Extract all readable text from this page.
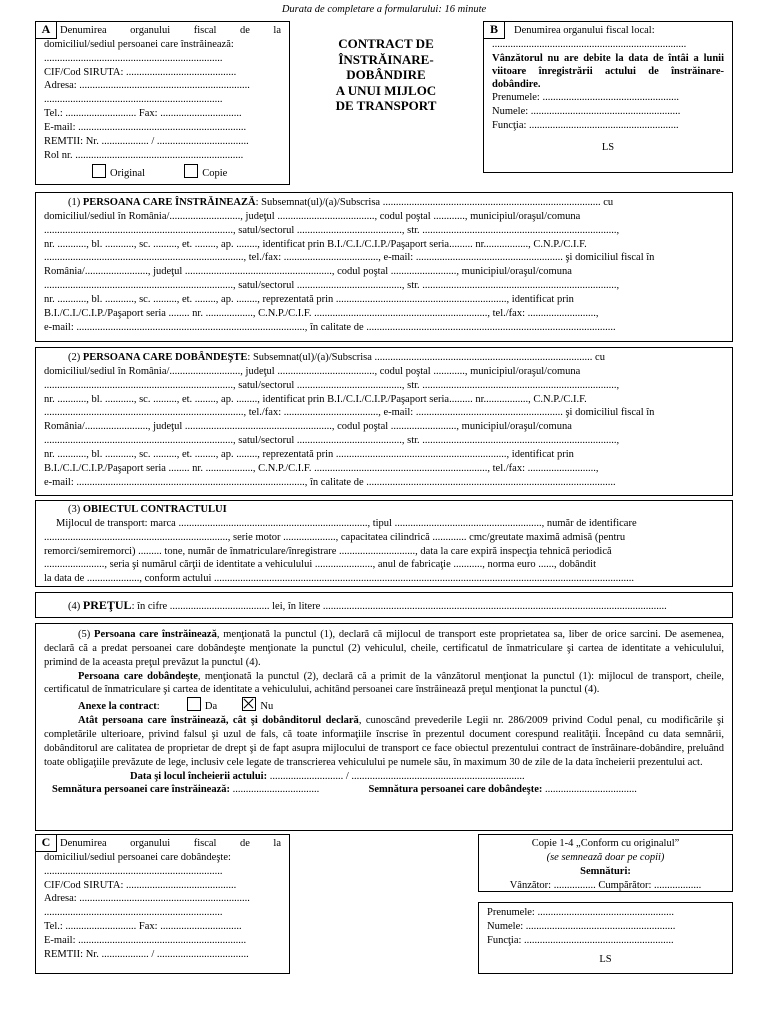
Durata de completare a formularului: 16 minute
A Denumirea organului fiscal de la
domiciliul/sediul persoanei care înstrăinează:
....................................................................
CIF/Cod SIRUTA: ..........................................
Adresa: .................................................................
....................................................................
Tel.: ........................... Fax: ...............................
E-mail: ................................................................
REMTII: Nr. .................. / ...................................
Rol nr. ................................................................
Original	Copie
CONTRACT DE
ÎNSTRĂINARE-
DOBÂNDIRE
A UNUI MIJLOC
DE TRANSPORT
B	Denumirea organului fiscal local:
..........................................................................
Vânzătorul nu are debite la data de întâi a lunii viitoare înregistrării actului de înstrăinare-dobândire.
Prenumele: ....................................................
Numele: .........................................................
Funcţia: .........................................................
LS
(1) PERSOANA CARE ÎNSTRĂINEAZĂ: Subsemnat(ul)/(a)/Subscrisa ................................................................................... cu
domiciliul/sediul în România/..........................., judeţul ....................................., codul poştal ............, municipiul/oraşul/comuna
........................................................................, satul/sectorul ........................................, str. ..........................................................................,
nr. ..........., bl. ..........., sc. ........., et. ........, ap. ........, identificat prin B.I./C.I./C.I.P./Paşaport seria......... nr................., C.N.P./C.I.F.
............................................................................, tel./fax: ...................................., e-mail: ........................................................ şi domiciliul fiscal în
România/........................, judeţul ........................................................, codul poştal ........................., municipiul/oraşul/comuna
........................................................................, satul/sectorul ........................................, str. ..........................................................................,
nr. ..........., bl. ..........., sc. ........., et. ........, ap. ........, reprezentată prin ................................................................., identificat prin
B.I./C.I./C.I.P./Paşaport seria ........ nr. .................., C.N.P./C.I.F. .................................................................., tel./fax: ..........................,
e-mail: ......................................................................................., în calitate de ...............................................................................................
(2) PERSOANA CARE DOBÂNDEŞTE: Subsemnat(ul)/(a)/Subscrisa ................................................................................... cu
domiciliul/sediul în România/..........................., judeţul ....................................., codul poştal ............, municipiul/oraşul/comuna
........................................................................, satul/sectorul ........................................, str. ..........................................................................,
nr. ..........., bl. ..........., sc. ........., et. ........, ap. ........, identificat prin B.I./C.I./C.I.P./Paşaport seria......... nr................., C.N.P./C.I.F.
............................................................................, tel./fax: ...................................., e-mail: ........................................................ şi domiciliul fiscal în
România/........................, judeţul ........................................................, codul poştal ........................., municipiul/oraşul/comuna
........................................................................, satul/sectorul ........................................, str. ..........................................................................,
nr. ..........., bl. ..........., sc. ........., et. ........, ap. ........, reprezentată prin ................................................................., identificat prin
B.I./C.I./C.I.P./Paşaport seria ........ nr. .................., C.N.P./C.I.F. .................................................................., tel./fax: ..........................,
e-mail: ......................................................................................., în calitate de ...............................................................................................
(3) OBIECTUL CONTRACTULUI
Mijlocul de transport: marca ........................................................................, tipul ........................................................, număr de identificare
......................................................................, serie motor ...................., capacitatea cilindrică ............. cmc/greutate maximă admisă (pentru
remorci/semiremorci) ......... tone, număr de înmatriculare/înregistrare ............................., data la care expiră inspecţia tehnică periodică
......................., seria şi numărul cărţii de identitate a vehiculului ......................, anul de fabricaţie ..........., norma euro ......, dobândit
la data de ...................., conform actului ................................................................................................................................................................
(4) PREŢUL: în cifre ...................................... lei, în litere ...................................................................................................................................

(5) Persoana care înstrăinează, menţionată la punctul (1), declară că mijlocul de transport este proprietatea sa, liber de orice sarcini. De asemenea, declară că a predat persoanei care dobândeşte menţionate la punctul (2) vehiculul, cheile, certificatul de înmatriculare şi cartea de identitate a vehiculului, primind de la aceasta preţul prevăzut la punctul (4).

Persoana care dobândeşte, menţionată la punctul (2), declară că a primit de la vânzătorul menţionat la punctul (1): mijlocul de transport, cheile, certificatul de înmatriculare şi cartea de identitate a vehiculului, achitând persoanei care înstrăinează preţul menţionat la punctul (4).

Anexe la contract:	Da	Nu

Atât persoana care înstrăinează, cât şi dobânditorul declară, cunoscând prevederile Legii nr. 286/2009 privind Codul penal, cu modificările şi completările ulterioare, privind falsul şi uzul de fals, că toate informaţiile înscrise în prezentul document corespund realităţii. Începând cu data semnării, dobânditorul are calitatea de proprietar de drept şi de fapt asupra mijlocului de transport ce face obiectul prezentului contract de înstrăinare-dobândire, preluând toate obligaţiile prevăzute de lege, inclusiv cele legate de transcrierea vehiculului pe numele său, în maximum 30 de zile de la data încheierii prezentului act.

Data şi locul încheierii actului: ............................ / ..................................................................
Semnătura persoanei care înstrăinează: .................................	Semnătura persoanei care dobândeşte: ...................................
C Denumirea organului fiscal de la
domiciliul/sediul persoanei care dobândeşte:
....................................................................
CIF/Cod SIRUTA: ..........................................
Adresa: .................................................................
....................................................................
Tel.: ........................... Fax: ...............................
E-mail: ................................................................
REMTII: Nr. .................. / ...................................
Copie 1-4 „Conform cu originalul”
(se semnează doar pe copii)
Semnături:
Vânzător: ................ Cumpărător: ..................
Prenumele: ....................................................
Numele: .........................................................
Funcţia: .........................................................
LS
